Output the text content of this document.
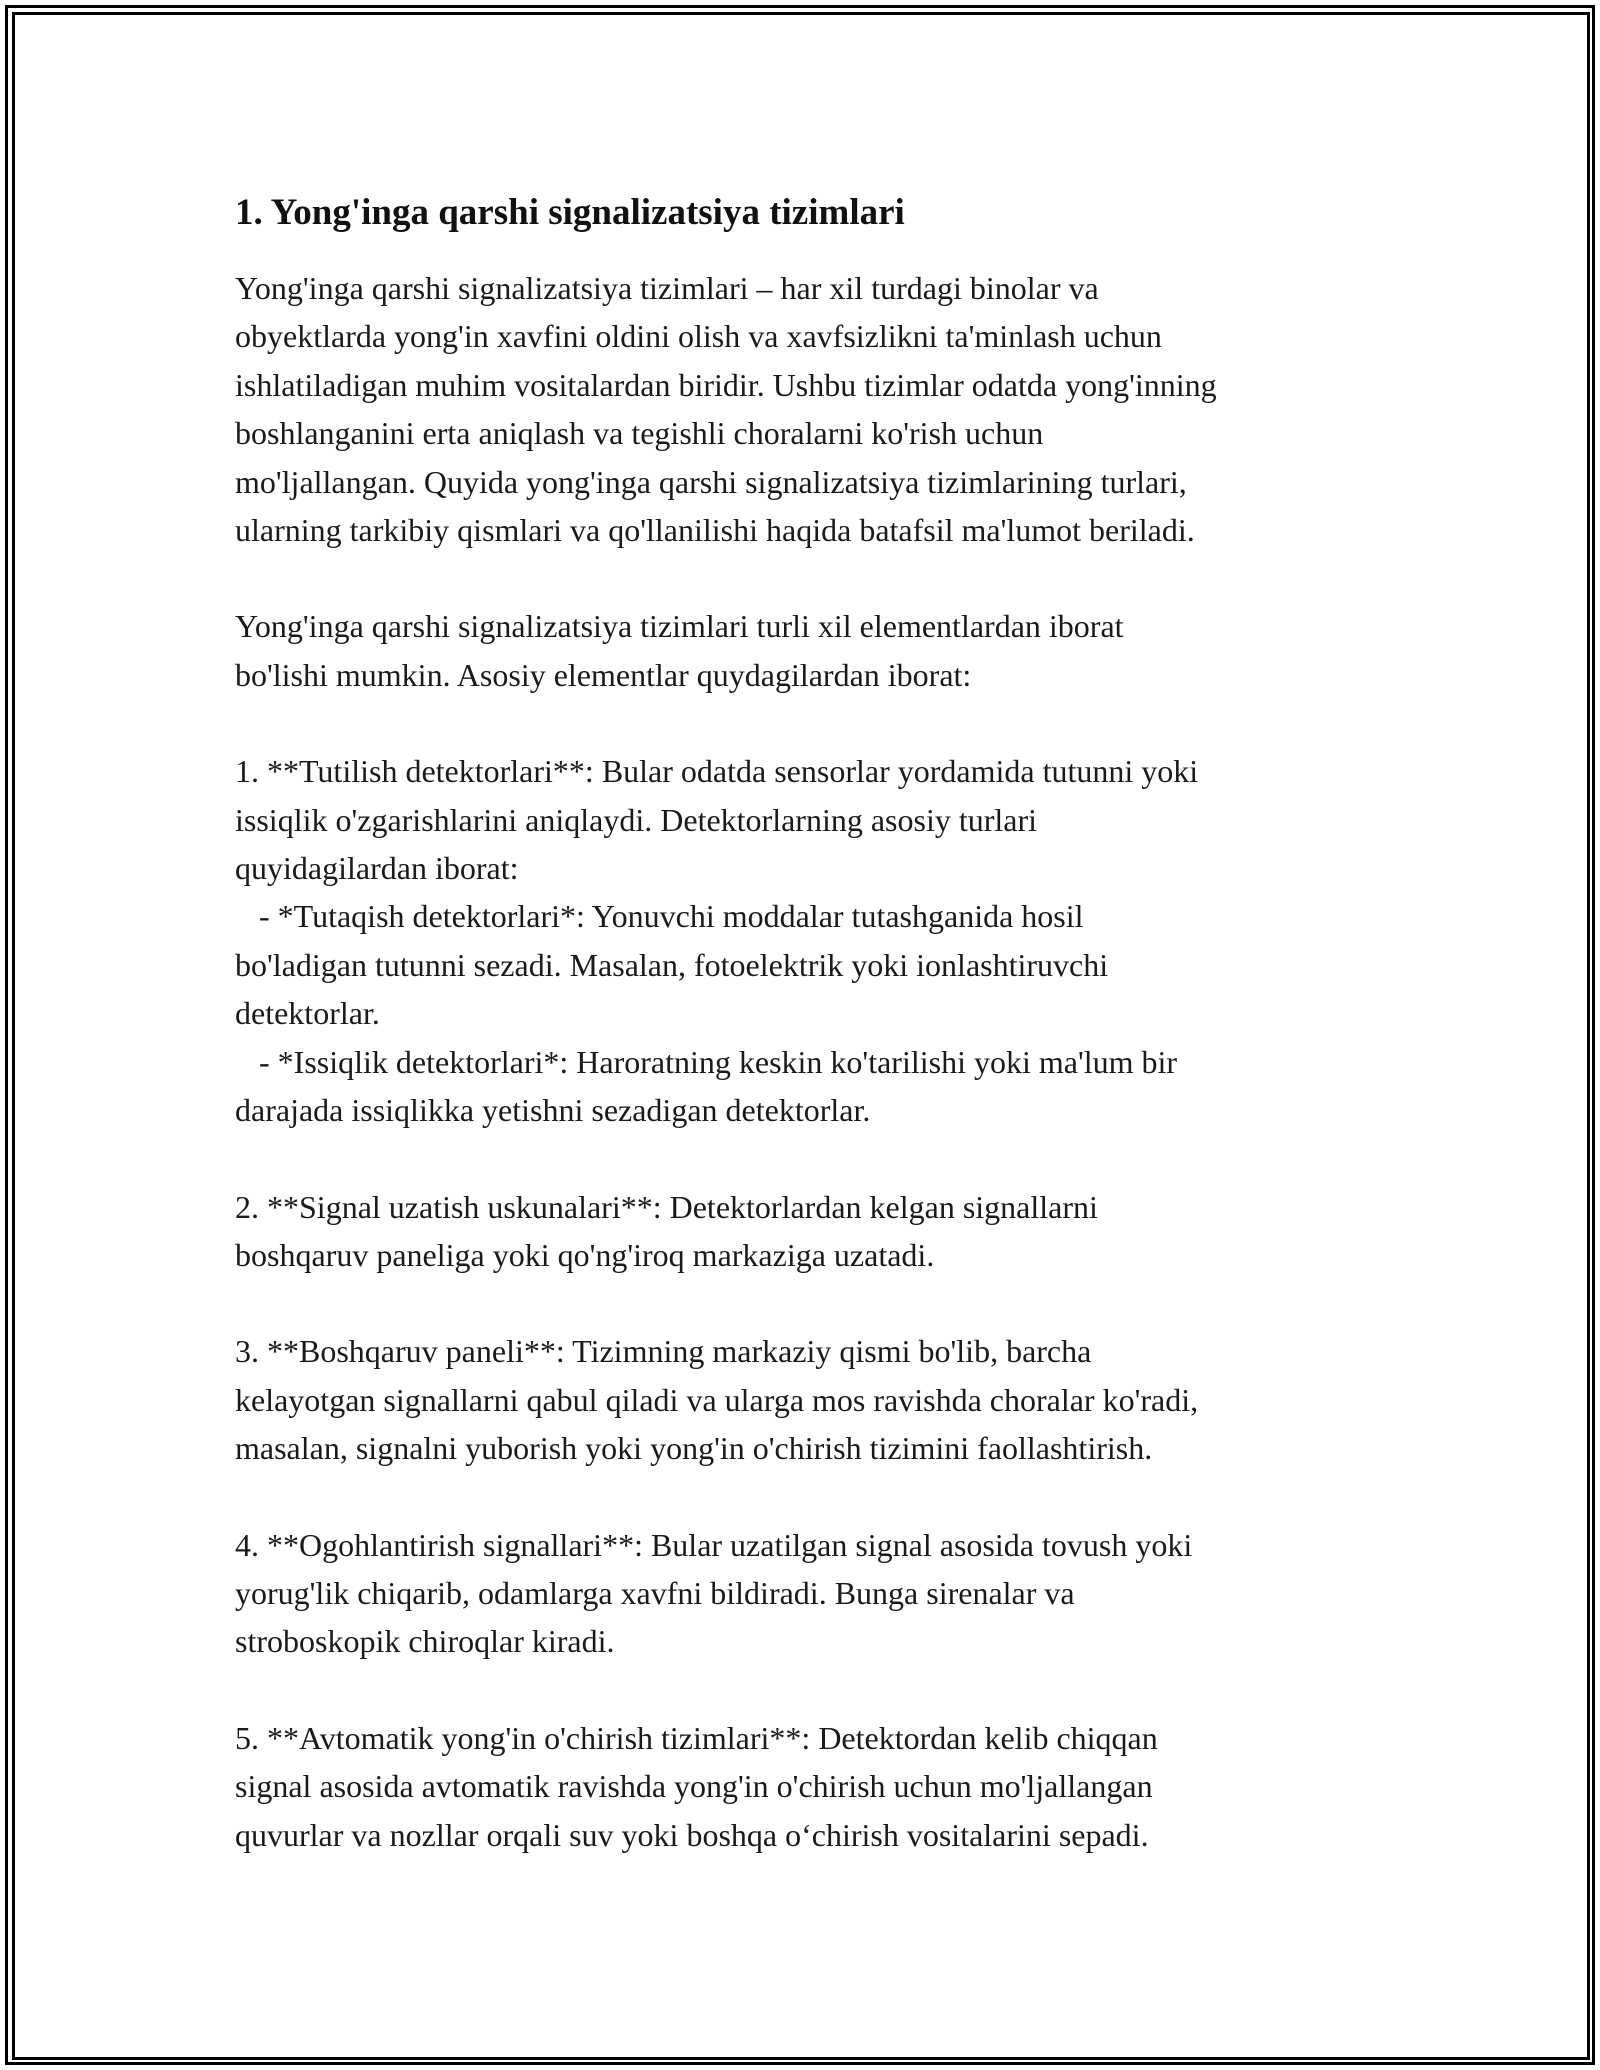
1. Yong'inga qarshi signalizatsiya tizimlari

Yong'inga qarshi signalizatsiya tizimlari – har xil turdagi binolar va
obyektlarda yong'in xavfini oldini olish va xavfsizlikni ta'minlash uchun
ishlatiladigan muhim vositalardan biridir. Ushbu tizimlar odatda yong'inning
boshlanganini erta aniqlash va tegishli choralarni ko'rish uchun
mo'ljallangan. Quyida yong'inga qarshi signalizatsiya tizimlarining turlari,
ularning tarkibiy qismlari va qo'llanilishi haqida batafsil ma'lumot beriladi.

Yong'inga qarshi signalizatsiya tizimlari turli xil elementlardan iborat
bo'lishi mumkin. Asosiy elementlar quydagilardan iborat:

1. **Tutilish detektorlari**: Bular odatda sensorlar yordamida tutunni yoki
issiqlik o'zgarishlarini aniqlaydi. Detektorlarning asosiy turlari
quyidagilardan iborat:
- *Tutaqish detektorlari*: Yonuvchi moddalar tutashganida hosil
bo'ladigan tutunni sezadi. Masalan, fotoelektrik yoki ionlashtiruvchi
detektorlar.
- *Issiqlik detektorlari*: Haroratning keskin ko'tarilishi yoki ma'lum bir
darajada issiqlikka yetishni sezadigan detektorlar.

2. **Signal uzatish uskunalari**: Detektorlardan kelgan signallarni
boshqaruv paneliga yoki qo'ng'iroq markaziga uzatadi.

3. **Boshqaruv paneli**: Tizimning markaziy qismi bo'lib, barcha
kelayotgan signallarni qabul qiladi va ularga mos ravishda choralar ko'radi,
masalan, signalni yuborish yoki yong'in o'chirish tizimini faollashtirish.

4. **Ogohlantirish signallari**: Bular uzatilgan signal asosida tovush yoki
yorug'lik chiqarib, odamlarga xavfni bildiradi. Bunga sirenalar va
stroboskopik chiroqlar kiradi.

5. **Avtomatik yong'in o'chirish tizimlari**: Detektordan kelib chiqqan
signal asosida avtomatik ravishda yong'in o'chirish uchun mo'ljallangan
quvurlar va nozllar orqali suv yoki boshqa o‘chirish vositalarini sepadi.
